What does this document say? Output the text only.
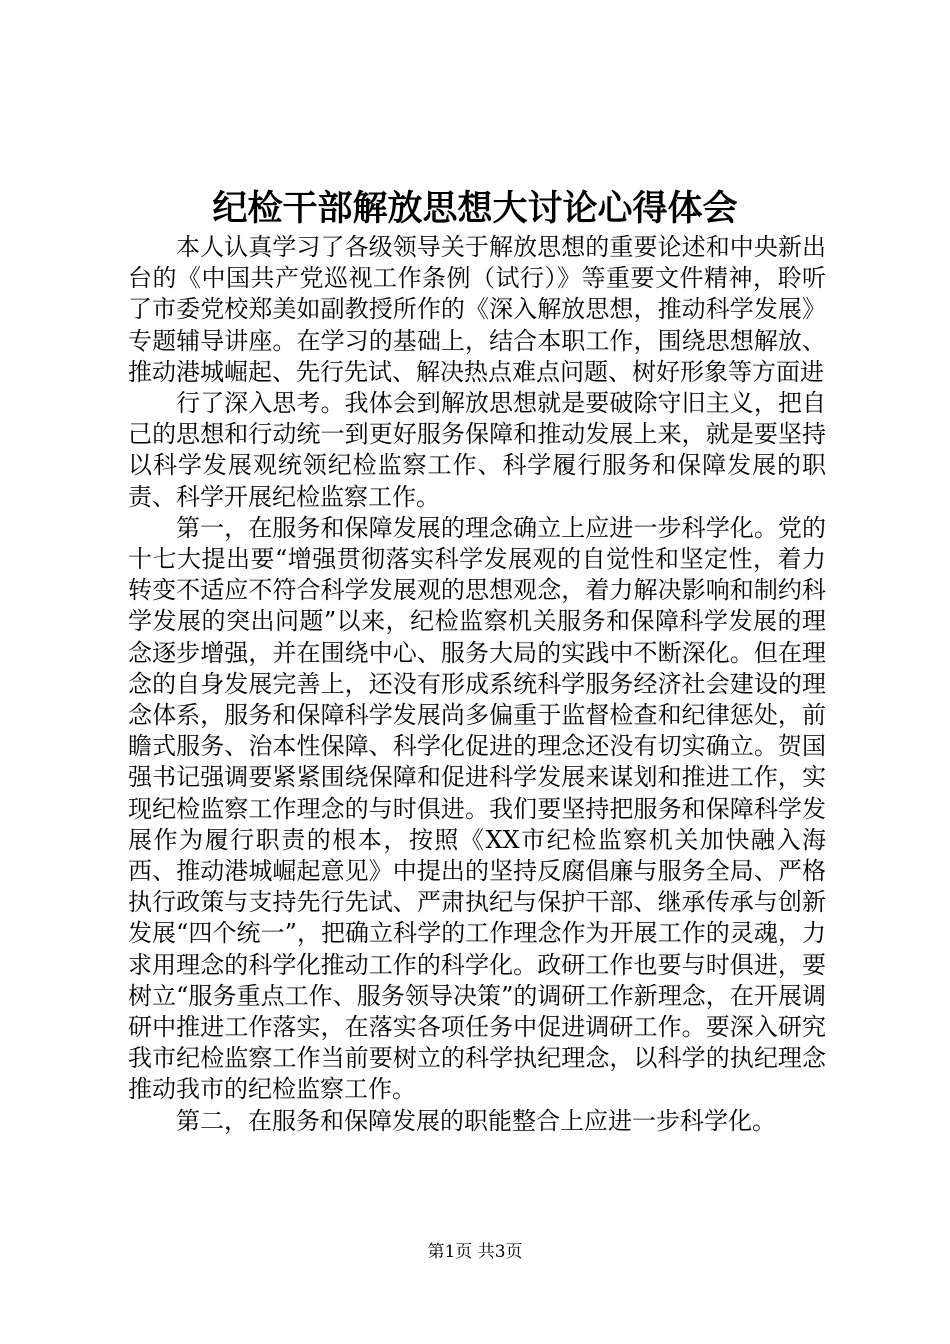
纪检干部解放思想大讨论心得体会

本人认真学习了各级领导关于解放思想的重要论述和中央新出台的《中国共产党巡视工作条例（试行）》等重要文件精神，聆听了市委党校郑美如副教授所作的《深入解放思想，推动科学发展》专题辅导讲座。在学习的基础上，结合本职工作，围绕思想解放、推动港城崛起、先行先试、解决热点难点问题、树好形象等方面进

行了深入思考。我体会到解放思想就是要破除守旧主义，把自己的思想和行动统一到更好服务保障和推动发展上来，就是要坚持以科学发展观统领纪检监察工作、科学履行服务和保障发展的职责、科学开展纪检监察工作。

第一，在服务和保障发展的理念确立上应进一步科学化。党的十七大提出要“增强贯彻落实科学发展观的自觉性和坚定性，着力转变不适应不符合科学发展观的思想观念，着力解决影响和制约科学发展的突出问题”以来，纪检监察机关服务和保障科学发展的理念逐步增强，并在围绕中心、服务大局的实践中不断深化。但在理念的自身发展完善上，还没有形成系统科学服务经济社会建设的理念体系，服务和保障科学发展尚多偏重于监督检查和纪律惩处，前瞻式服务、治本性保障、科学化促进的理念还没有切实确立。贺国强书记强调要紧紧围绕保障和促进科学发展来谋划和推进工作，实现纪检监察工作理念的与时俱进。我们要坚持把服务和保障科学发展作为履行职责的根本，按照《XX市纪检监察机关加快融入海西、推动港城崛起意见》中提出的坚持反腐倡廉与服务全局、严格执行政策与支持先行先试、严肃执纪与保护干部、继承传承与创新发展“四个统一”，把确立科学的工作理念作为开展工作的灵魂，力求用理念的科学化推动工作的科学化。政研工作也要与时俱进，要树立“服务重点工作、服务领导决策”的调研工作新理念，在开展调研中推进工作落实，在落实各项任务中促进调研工作。要深入研究我市纪检监察工作当前要树立的科学执纪理念，以科学的执纪理念推动我市的纪检监察工作。

第二，在服务和保障发展的职能整合上应进一步科学化。

第1页 共3页
